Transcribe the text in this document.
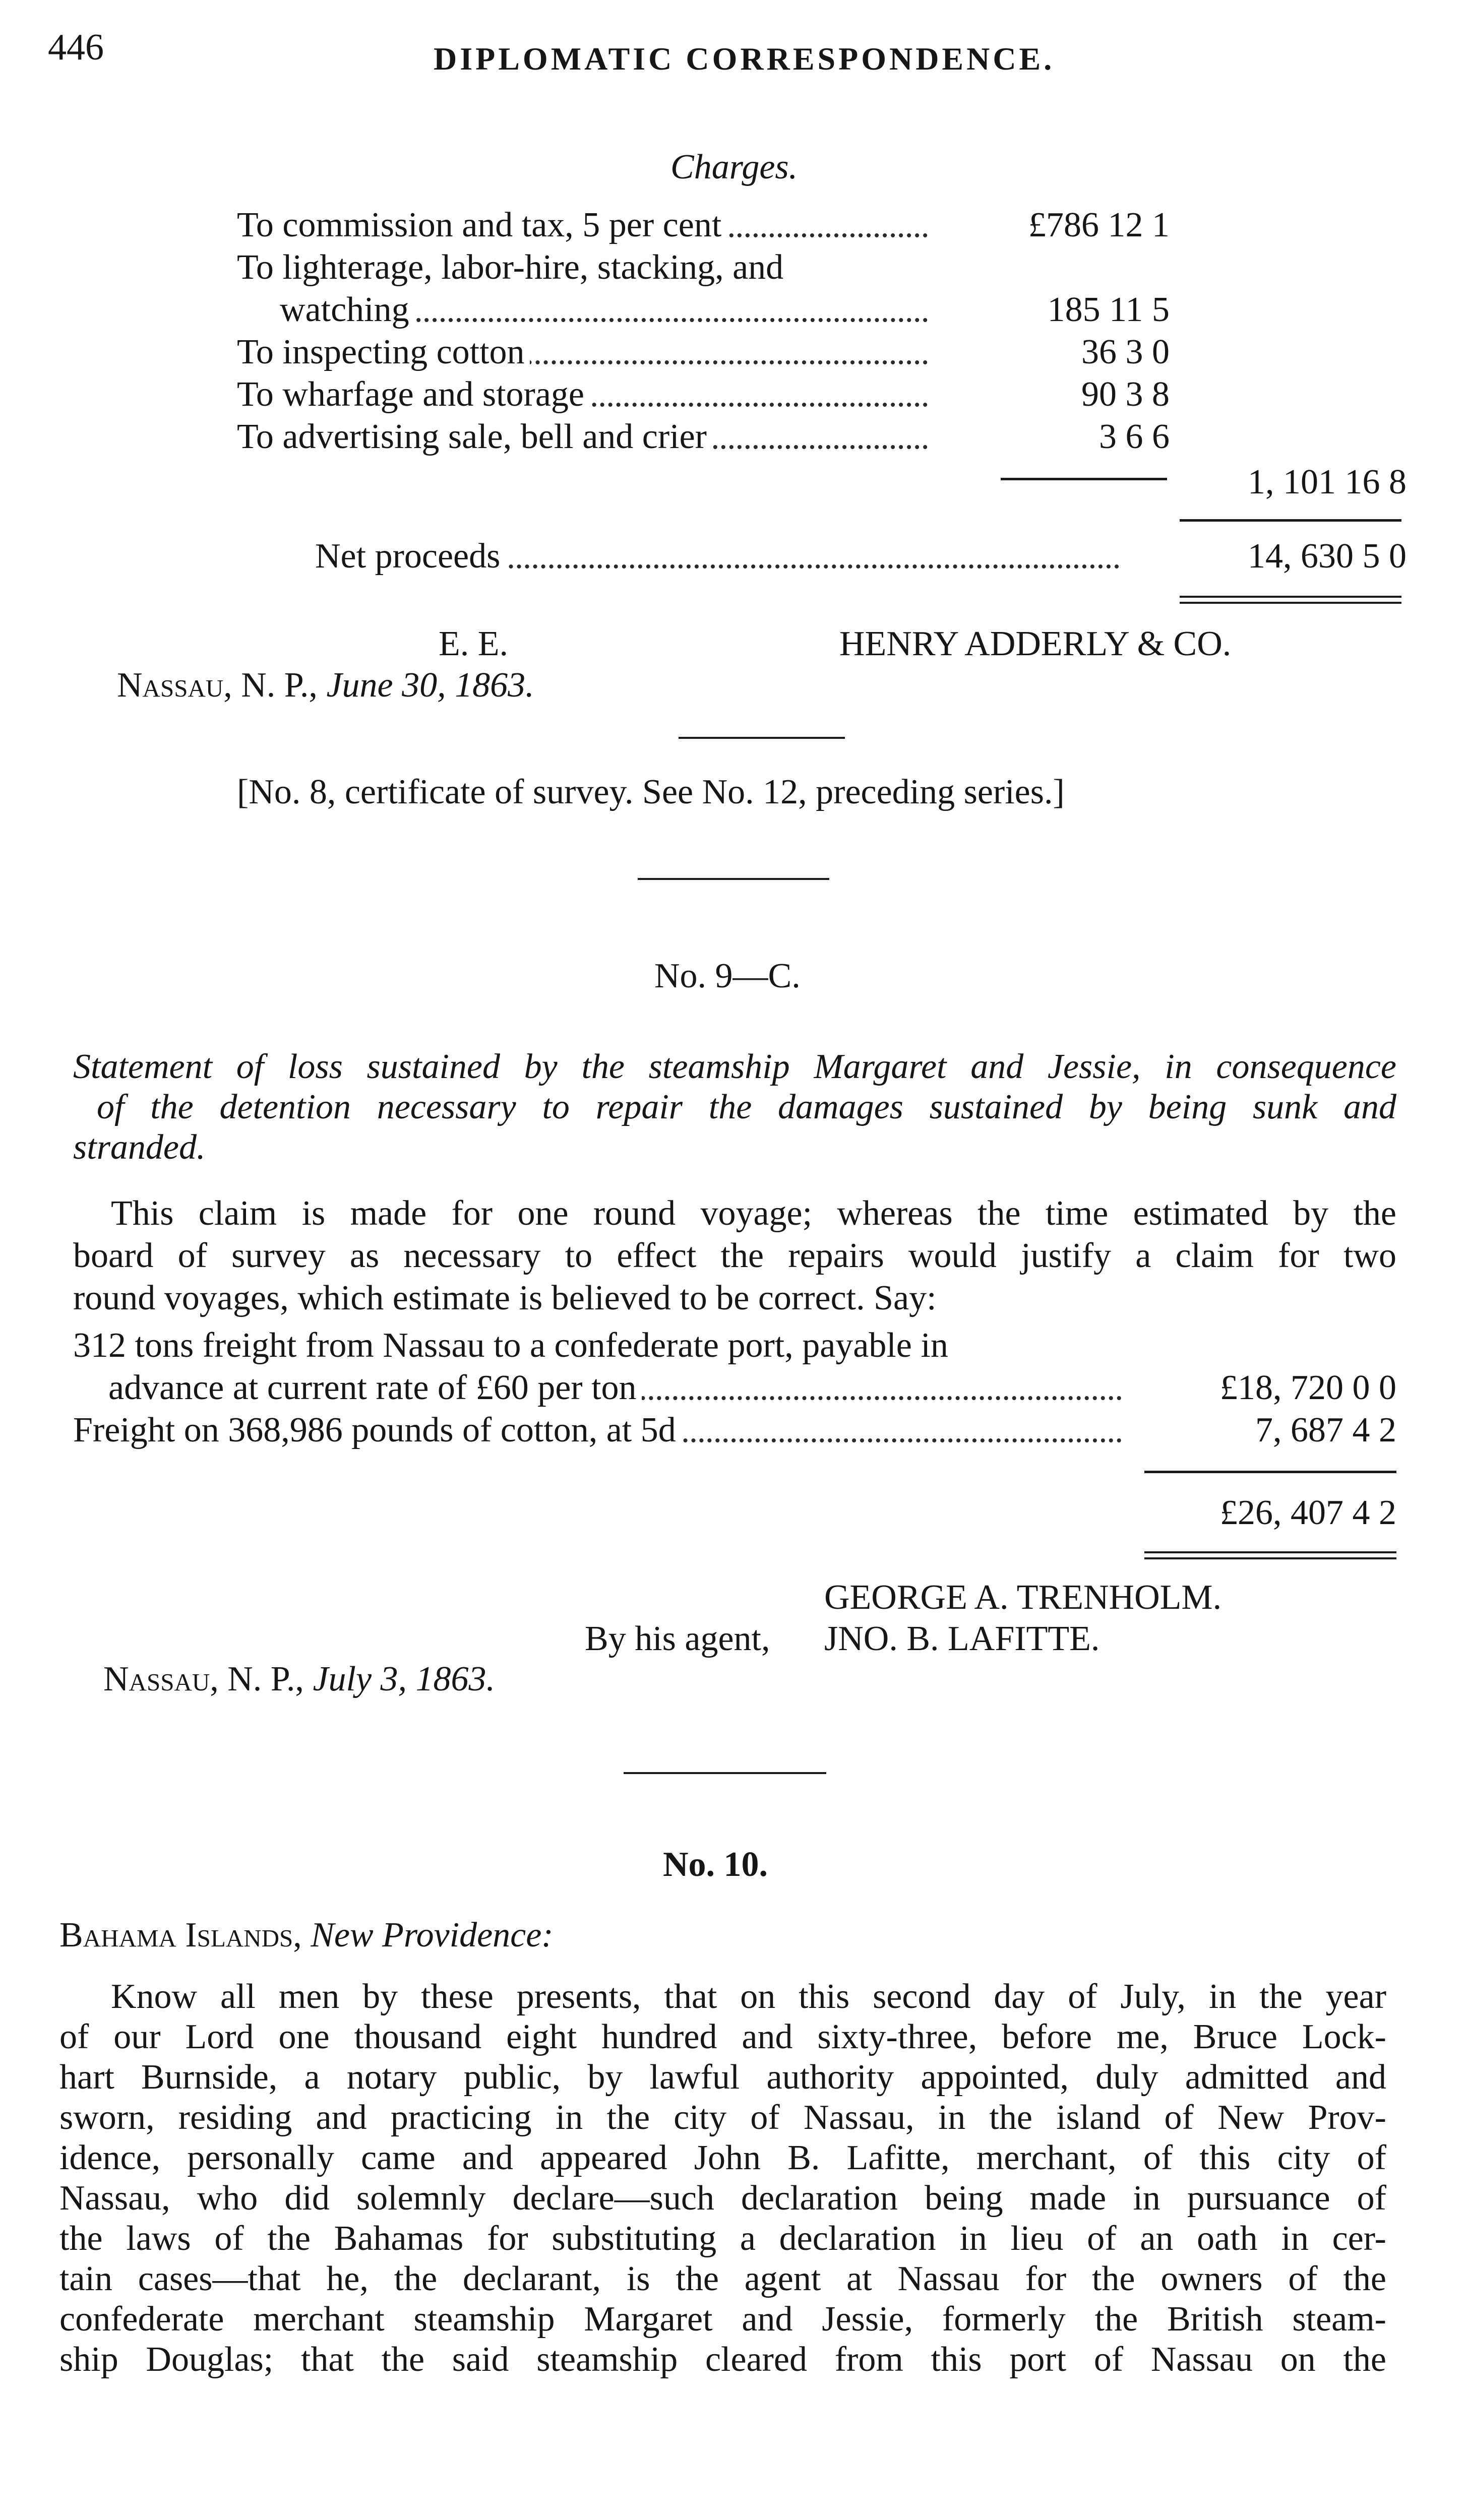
446	DIPLOMATIC CORRESPONDENCE.
Charges.
To commission and tax, 5 per cent	£786 12 1
To lighterage, labor-hire, stacking, and
watching	185 11 5
To inspecting cotton	36 3 0
To wharfage and storage	90 3 8
To advertising sale, bell and crier	3 6 6
1, 101 16 8
Net proceeds	14, 630 5 0
E. E.	HENRY ADDERLY & CO.
Nassau, N. P., June 30, 1863.
[No. 8, certificate of survey. See No. 12, preceding series.]
No. 9—C.
Statement of loss sustained by the steamship Margaret and Jessie, in consequence
of the detention necessary to repair the damages sustained by being sunk and
stranded.
This claim is made for one round voyage; whereas the time estimated by the
board of survey as necessary to effect the repairs would justify a claim for two
round voyages, which estimate is believed to be correct. Say:
312 tons freight from Nassau to a confederate port, payable in
advance at current rate of £60 per ton	£18, 720 0 0
Freight on 368,986 pounds of cotton, at 5d	7, 687 4 2
£26, 407 4 2
GEORGE A. TRENHOLM.
By his agent, JNO. B. LAFITTE.
Nassau, N. P., July 3, 1863.
No. 10.
Bahama Islands, New Providence:
Know all men by these presents, that on this second day of July, in the year
of our Lord one thousand eight hundred and sixty-three, before me, Bruce Lock-
hart Burnside, a notary public, by lawful authority appointed, duly admitted and
sworn, residing and practicing in the city of Nassau, in the island of New Prov-
idence, personally came and appeared John B. Lafitte, merchant, of this city of
Nassau, who did solemnly declare—such declaration being made in pursuance of
the laws of the Bahamas for substituting a declaration in lieu of an oath in cer-
tain cases—that he, the declarant, is the agent at Nassau for the owners of the
confederate merchant steamship Margaret and Jessie, formerly the British steam-
ship Douglas; that the said steamship cleared from this port of Nassau on the
